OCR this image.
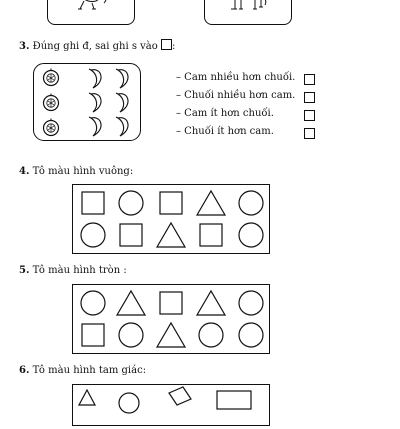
3. Đúng ghi đ, sai ghi s vào :
– Cam nhiều hơn chuối.
– Chuối nhiều hơn cam.
– Cam ít hơn chuối.
– Chuối ít hơn cam.
4. Tô màu hình vuông:
5. Tô màu hình tròn :
6. Tô màu hình tam giác:
